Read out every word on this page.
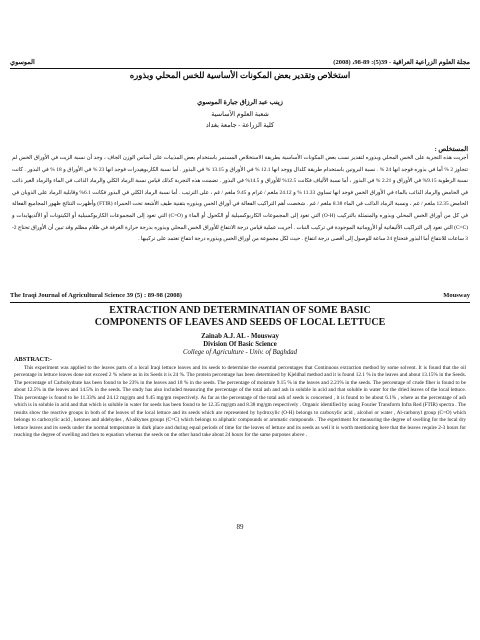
مجلة العلوم الزراعية العراقية - 39(5): 89-98، (2008)
الموسوي
استخلاص وتقدير بعض المكونات الأساسية للخس المحلي وبذوره
زينب عبد الرزاق جبارة الموسوي
شعبة العلوم الأساسية
كلية الزراعة - جامعة بغداد
المستخلص :
أجريت هذه التجربة على الخس المحلي وبذوره لتقدير نسب بعض المكونات الأساسية بطريقة الاستخلاص المستمر باستخدام بعض المذيبات على أساس الوزن الجاف ، وجد أن نسبة الزيت في الأوراق الخس لم تتجاوز 2 % أما في بذوره فوجد انها 24 % . نسبة البروتين باستخدام طريقة كلدال ووجد انها 12.1 % في الأوراق و 13.15 % في البذور . أما نسبة الكاربوهيدرات فوجد انها 23 % في الأوراق و 18 % في البذور . كانت نسبة الرطوبة 9.15% في الأوراق و 2.21 % في البذور ، أما نسبة الألياف فكانت 12.5% للأوراق و 14.5% في البذور . تضمنت هذه التجربة كذلك قياس نسبة الرماد الكلي والرماد الذائب في الماء والرماد الغير ذائب في الحامض والرماد الذائب بالماء في الأوراق الخس فوجد انها تساوي 11.33 % و 24.12 ملغم / غرام و 9.45 ملغم / غم ، على الترتيب . أما نسبة الرماد الكلي في البذور فكانت 6.1% وقابلية الرماد على الذوبان في الحامض 12.35 ملغم / غم ، ونسبة الرماد الذائب في الماء 8.38 ملغم / غم . شخصت أهم التراكيب الفعالة في أوراق الخس وبذوره بتقنية طيف الأشعة تحت الحمراء (FTIR) وأظهرت النتائج ظهور المجاميع الفعالة في كل من أوراق الخس المحلي وبذوره والمتمثلة بالتركيب (O-H) التي تعود إلى المجموعات الكاربوكسيلية أو الكحول أو الماء و (C=O) التي تعود إلى المجموعات الكاربوكسيلية أو الكيتونات أو الألديهايدات و (C=C) التي تعود إلى التراكيب الأليفاتية أو الأروماتية الموجودة في تركيب النبات . أجريت عملية قياس درجة الانتفاخ للأوراق الخس المحلي وبذوره بدرجة حرارة الغرفة في ظلام مظلم وقد تبين أن الأوراق تحتاج 2-3 ساعات للانتفاخ أما البذور فتحتاج 24 ساعة للوصول إلى أقصى درجة انتفاخ . حيث لكل مجموعة من أوراق الخس وبذوره درجة انتفاخ تعتمد على تركيبها .
The Iraqi Journal of Agricultural Science 39 (5) : 89-98 (2008)	Mousway
EXTRACTION AND DETERMINATIAN OF SOME BASIC
COMPONENTS OF LEAVES AND SEEDS OF LOCAL LETTUCE
Zainab A.J. AL - Mousway
Division Of Basic Science
College of Agriculture - Univ. of Baghdad
ABSTRACT:-

This experiment was applied to the leaves parts of a local Iraqi lettuce leaves and its seeds to determine the essential percentages that Continuous extraction method by some solvent. It is found that the oil percentage in lettuce leaves done not exceed 2 % where as in its Seeds it is 24 %. The protein percentage has been determined by Kjeldhal method and it is found 12.1 % in the leaves and about 13.15% in the Seeds. The percentage of Carbohydrate has been found to be 23% in the leaves and 18 % in the seeds. The percentage of moisture 9.15 % in the leaves and 2.21% in the seeds. The percentage of crude fiber is found to be about 12.5% in the leaves and 14.5% in the seeds. The study has also included measuring the percentage of the total ash and ash in soluble in acid and that soluble in water for the dried leaves of the local lettuce. This percentage is found to be 11.33% and 24.12 mg/gm and 9.45 mg/gm respectively. As far as the percentage of the total ash of seeds is concerned , it is found to be about 6.1% , where as the percentage of ash which is in soluble in acid and that which is soluble in water for seeds has been found to be 12.35 mg/gm and 8.38 mg/gm respectively . Organic identified by using Fourier Transform Infra Red (FTIR) spectra . The results show the reactive groups in both of the leaves of the local lettuce and its seeds which are represented by hydroxylic (O-H) belongs to carboxylic acid , alcohol or water , Al-carbonyl group (C=O) which belongs to carboxylic acid , ketones and aldehydes , Al-alkynes groups (C=C) which belongs to aliphatic compounds or aromatic compounds . The experiment for measuring the degree of swelling for the local dry lettuce leaves and its seeds under the normal temperature in dark place and during equal periods of time for the leaves of lettuce and its seeds as well it is worth mentioning here that the leaves require 2-3 hours for reaching the degree of swelling and then to equation whereas the seeds on the other hand take about 24 hours for the same purposes above .

89
